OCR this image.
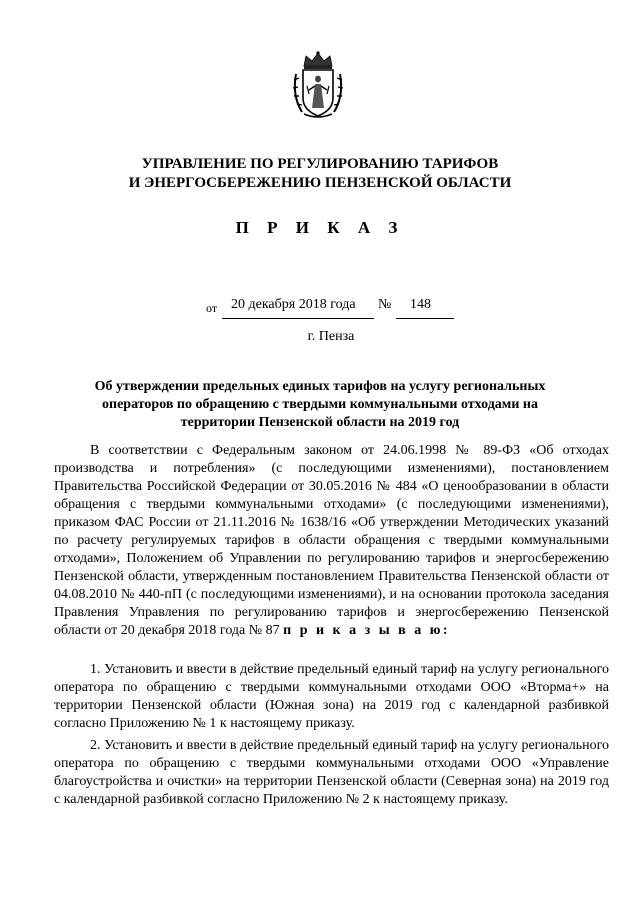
УПРАВЛЕНИЕ ПО РЕГУЛИРОВАНИЮ ТАРИФОВ
И ЭНЕРГОСБЕРЕЖЕНИЮ ПЕНЗЕНСКОЙ ОБЛАСТИ
П Р И К А З
от 20 декабря 2018 года № 148
г. Пенза
Об утверждении предельных единых тарифов на услугу региональных операторов по обращению с твердыми коммунальными отходами на территории Пензенской области на 2019 год
В соответствии с Федеральным законом от 24.06.1998 № 89-ФЗ «Об отходах производства и потребления» (с последующими изменениями), постановлением Правительства Российской Федерации от 30.05.2016 № 484 «О ценообразовании в области обращения с твердыми коммунальными отходами» (с последующими изменениями), приказом ФАС России от 21.11.2016 № 1638/16 «Об утверждении Методических указаний по расчету регулируемых тарифов в области обращения с твердыми коммунальными отходами», Положением об Управлении по регулированию тарифов и энергосбережению Пензенской области, утвержденным постановлением Правительства Пензенской области от 04.08.2010 № 440-пП (с последующими изменениями), и на основании протокола заседания Правления Управления по регулированию тарифов и энергосбережению Пензенской области от 20 декабря 2018 года № 87 п р и к а з ы в а ю:
1. Установить и ввести в действие предельный единый тариф на услугу регионального оператора по обращению с твердыми коммунальными отходами ООО «Вторма+» на территории Пензенской области (Южная зона) на 2019 год с календарной разбивкой согласно Приложению № 1 к настоящему приказу.
2. Установить и ввести в действие предельный единый тариф на услугу регионального оператора по обращению с твердыми коммунальными отходами ООО «Управление благоустройства и очистки» на территории Пензенской области (Северная зона) на 2019 год с календарной разбивкой согласно Приложению № 2 к настоящему приказу.
